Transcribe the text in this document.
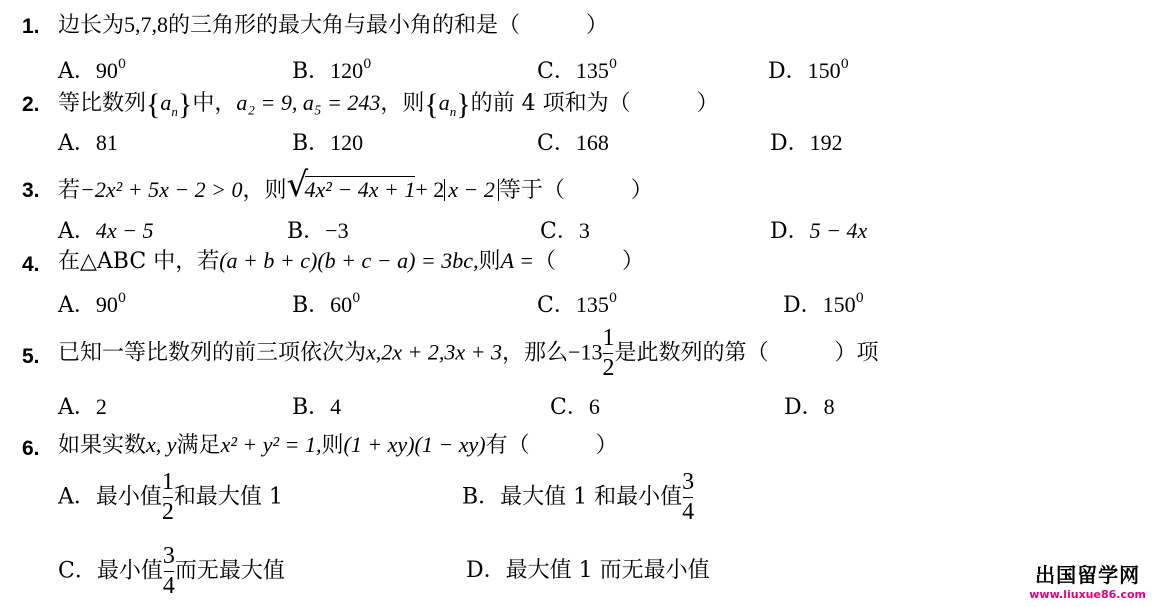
1. 边长为5,7,8的三角形的最大角与最小角的和是（　　　）
A．$90^0$	B．$120^0$	C．$135^0$	D．$150^0$
2. 等比数列$\{a_n\}$中，a₂ = 9, a₅ = 243，则$\{a_n\}$的前 4 项和为（　　　）
A．81	B．120	C．168	D．192
3. 若−2x² + 5x − 2 > 0，则 √
4x² − 4x + 1+ 2 x − 2 等于（　　　）
A．4x − 5	B．−3	C．3	D．5 − 4x
4. 在△ABC 中，若(a + b + c)(b + c − a) = 3bc,则A =（　　　）
A．$90^0$	B．$60^0$	C．$135^0$	D．$150^0$
5. 已知一等比数列的前三项依次为x,2x + 2,3x + 3，那么$-13 \frac{1}{2}$ 是此数列的第（　　　）项
A．2	B．4	C．6	D．8
6. 如果实数x, y满足x² + y² = 1,则(1 + xy)(1 − xy)有（　　　）
A．最小值 $\frac{1}{2}$ 和最大值 1	B．最大值 1 和最小值 $\frac{3}{4}$
C．最小值 $\frac{3}{4}$ 而无最大值	D．最大值 1 而无最小值	出国留学网
www.liuxue86.com
